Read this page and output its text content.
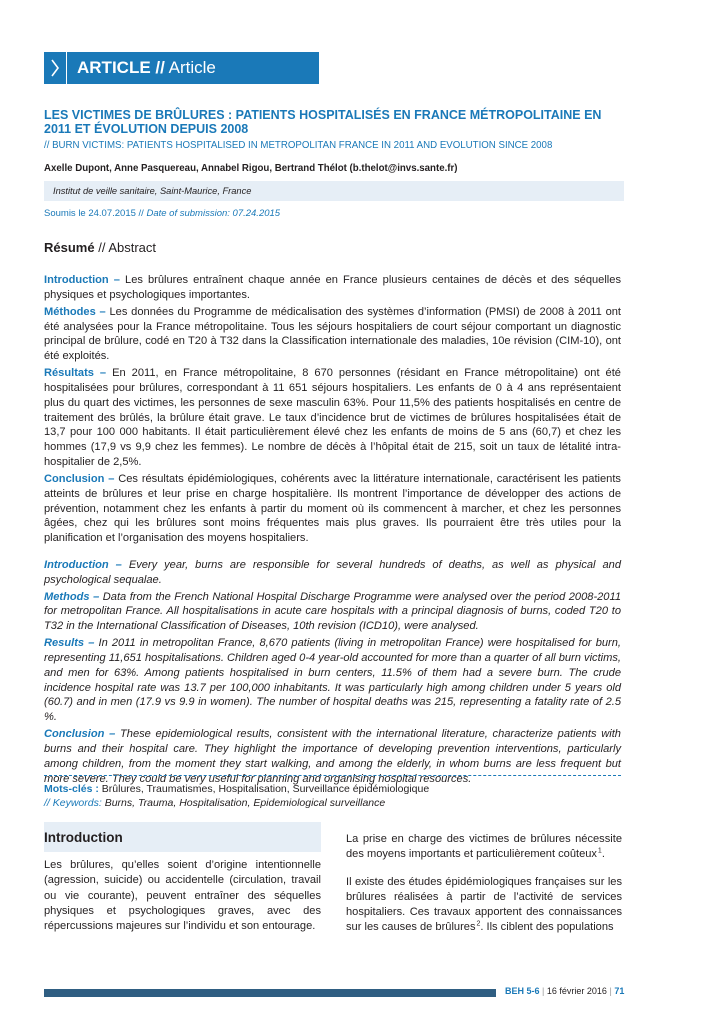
ARTICLE // Article
LES VICTIMES DE BRÛLURES : PATIENTS HOSPITALISÉS EN FRANCE MÉTROPOLITAINE EN 2011 ET ÉVOLUTION DEPUIS 2008
// BURN VICTIMS: PATIENTS HOSPITALISED IN METROPOLITAN FRANCE IN 2011 AND EVOLUTION SINCE 2008
Axelle Dupont, Anne Pasquereau, Annabel Rigou, Bertrand Thélot (b.thelot@invs.sante.fr)
Institut de veille sanitaire, Saint-Maurice, France
Soumis le 24.07.2015 // Date of submission: 07.24.2015
Résumé // Abstract

Introduction – Les brûlures entraînent chaque année en France plusieurs centaines de décès et des séquelles physiques et psychologiques importantes.

Méthodes – Les données du Programme de médicalisation des systèmes d’information (PMSI) de 2008 à 2011 ont été analysées pour la France métropolitaine. Tous les séjours hospitaliers de court séjour comportant un diagnostic principal de brûlure, codé en T20 à T32 dans la Classification internationale des maladies, 10e révision (CIM-10), ont été exploités.

Résultats – En 2011, en France métropolitaine, 8 670 personnes (résidant en France métropolitaine) ont été hospitalisées pour brûlures, correspondant à 11 651 séjours hospitaliers. Les enfants de 0 à 4 ans représentaient plus du quart des victimes, les personnes de sexe masculin 63%. Pour 11,5% des patients hospitalisés en centre de traitement des brûlés, la brûlure était grave. Le taux d’incidence brut de victimes de brûlures hospitalisées était de 13,7 pour 100 000 habitants. Il était particulièrement élevé chez les enfants de moins de 5 ans (60,7) et chez les hommes (17,9 vs 9,9 chez les femmes). Le nombre de décès à l’hôpital était de 215, soit un taux de létalité intra-hospitalier de 2,5%.

Conclusion – Ces résultats épidémiologiques, cohérents avec la littérature internationale, caractérisent les patients atteints de brûlures et leur prise en charge hospitalière. Ils montrent l’importance de développer des actions de prévention, notamment chez les enfants à partir du moment où ils commencent à marcher, et chez les personnes âgées, chez qui les brûlures sont moins fréquentes mais plus graves. Ils pourraient être très utiles pour la planification et l’organisation des moyens hospitaliers.

Introduction – Every year, burns are responsible for several hundreds of deaths, as well as physical and psychological sequalae.

Methods – Data from the French National Hospital Discharge Programme were analysed over the period 2008-2011 for metropolitan France. All hospitalisations in acute care hospitals with a principal diagnosis of burns, coded T20 to T32 in the International Classification of Diseases, 10th revision (ICD10), were analysed.

Results – In 2011 in metropolitan France, 8,670 patients (living in metropolitan France) were hospitalised for burn, representing 11,651 hospitalisations. Children aged 0-4 year-old accounted for more than a quarter of all burn victims, and men for 63%. Among patients hospitalised in burn centers, 11.5% of them had a severe burn. The crude incidence hospital rate was 13.7 per 100,000 inhabitants. It was particularly high among children under 5 years old (60.7) and in men (17.9 vs 9.9 in women). The number of hospital deaths was 215, representing a fatality rate of 2.5 %.

Conclusion – These epidemiological results, consistent with the international literature, characterize patients with burns and their hospital care. They highlight the importance of developing prevention interventions, particularly among children, from the moment they start walking, and among the elderly, in whom burns are less frequent but more severe. They could be very useful for planning and organising hospital resources.

Mots-clés : Brûlures, Traumatismes, Hospitalisation, Surveillance épidémiologique
// Keywords: Burns, Trauma, Hospitalisation, Epidemiological surveillance
Introduction

Les brûlures, qu’elles soient d’origine intentionnelle (agression, suicide) ou accidentelle (circulation, travail ou vie courante), peuvent entraîner des séquelles physiques et psychologiques graves, avec des répercussions majeures sur l’individu et son entourage.

La prise en charge des victimes de brûlures nécessite des moyens importants et particulièrement coûteux $^1$.

Il existe des études épidémiologiques françaises sur les brûlures réalisées à partir de l’activité de services hospitaliers. Ces travaux apportent des connaissances sur les causes de brûlures $^2$. Ils ciblent des populations

BEH 5-6 | 16 février 2016 | 71
